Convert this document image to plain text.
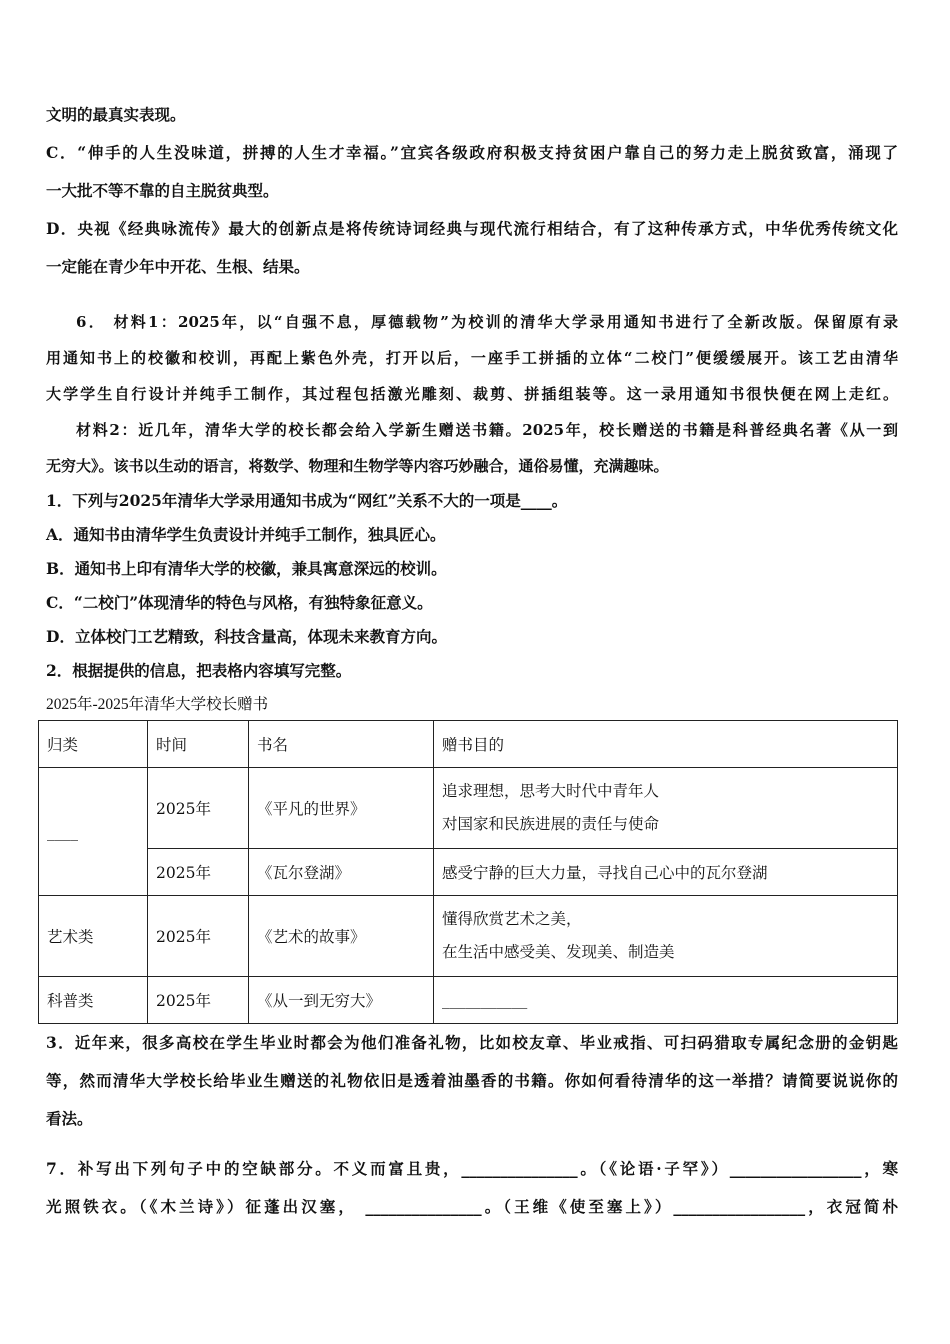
文明的最真实表现。
C．“伸手的人生没味道，拼搏的人生才幸福。”宜宾各级政府积极支持贫困户靠自己的努力走上脱贫致富，涌现了
一大批不等不靠的自主脱贫典型。
D．央视《经典咏流传》最大的创新点是将传统诗词经典与现代流行相结合，有了这种传承方式，中华优秀传统文化
一定能在青少年中开花、生根、结果。
6． 材料1：2025年，以“自强不息，厚德载物”为校训的清华大学录用通知书进行了全新改版。保留原有录
用通知书上的校徽和校训，再配上紫色外壳，打开以后，一座手工拼插的立体“二校门”便缓缓展开。该工艺由清华
大学学生自行设计并纯手工制作，其过程包括激光雕刻、裁剪、拼插组装等。这一录用通知书很快便在网上走红。
材料2：近几年，清华大学的校长都会给入学新生赠送书籍。2025年，校长赠送的书籍是科普经典名著《从一到
无穷大》。该书以生动的语言，将数学、物理和生物学等内容巧妙融合，通俗易懂，充满趣味。
1．下列与2025年清华大学录用通知书成为“网红”关系不大的一项是____。
A．通知书由清华学生负责设计并纯手工制作，独具匠心。
B．通知书上印有清华大学的校徽，兼具寓意深远的校训。
C．“二校门”体现清华的特色与风格，有独特象征意义。
D．立体校门工艺精致，科技含量高，体现未来教育方向。
2．根据提供的信息，把表格内容填写完整。
2025年-2025年清华大学校长赠书
归类	时间	书名	赠书目的
____	2025年	《平凡的世界》	追求理想，思考大时代中青年人
对国家和民族进展的责任与使命

	2025年	《瓦尔登湖》	感受宁静的巨大力量，寻找自己心中的瓦尔登湖
艺术类	2025年	《艺术的故事》	懂得欣赏艺术之美，
在生活中感受美、发现美、制造美

科普类	2025年	《从一到无穷大》	___________
3．近年来，很多高校在学生毕业时都会为他们准备礼物，比如校友章、毕业戒指、可扫码猎取专属纪念册的金钥匙
等，然而清华大学校长给毕业生赠送的礼物依旧是透着油墨香的书籍。你如何看待清华的这一举措？请简要说说你的
看法。
7．补写出下列句子中的空缺部分。不义而富且贵，_______________。（《论语·子罕》）_________________，寒
光照铁衣。（《木兰诗》）征蓬出汉塞， _______________。（王维《使至塞上》）_________________，衣冠简朴
